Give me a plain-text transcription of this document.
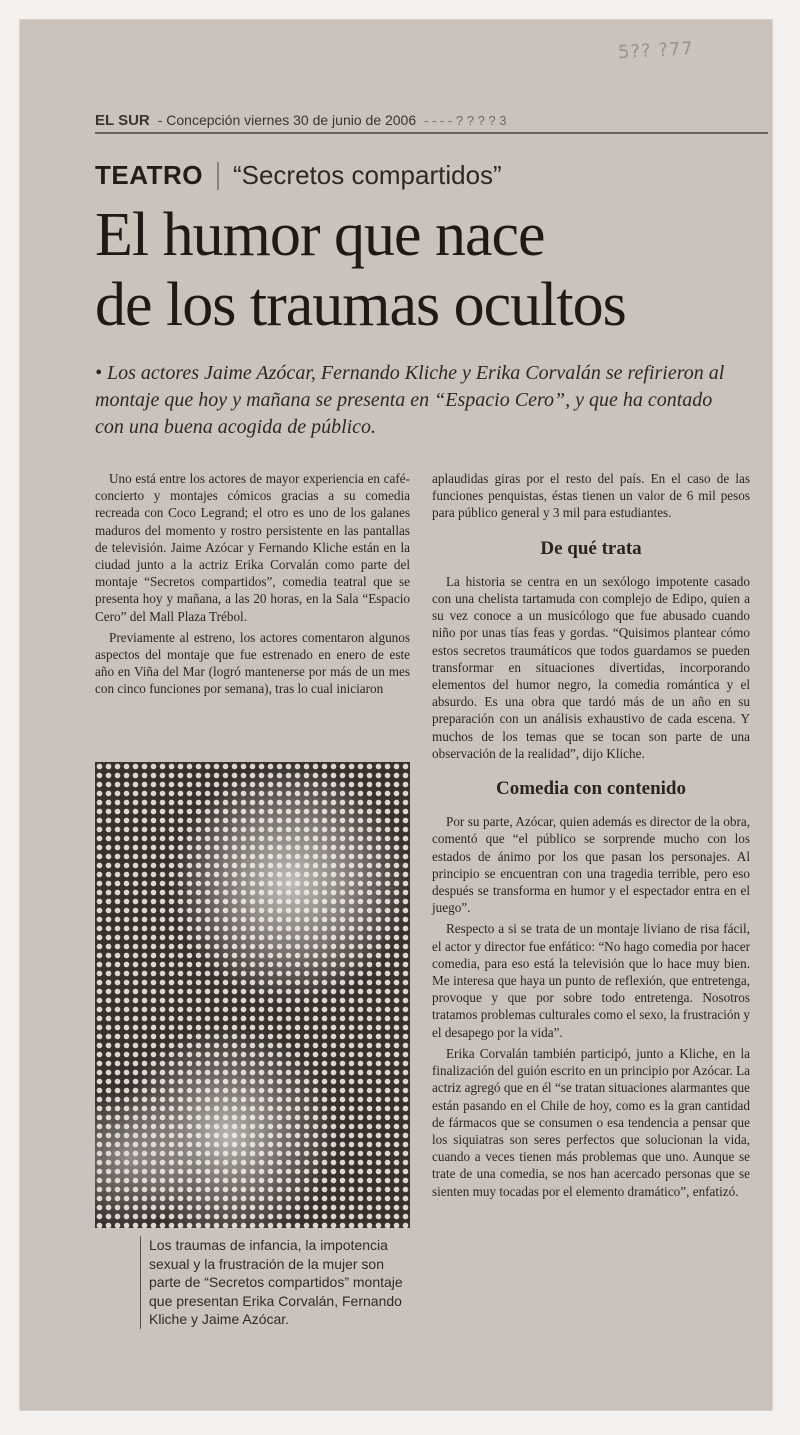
5?? ?77
EL SUR - Concepción viernes 30 de junio de 2006 - - - - ? ? ? ? 3
TEATRO “Secretos compartidos”
El humor que nace
de los traumas ocultos
• Los actores Jaime Azócar, Fernando Kliche y Erika Corvalán se refirieron al montaje que hoy y mañana se presenta en “Espacio Cero”, y que ha contado con una buena acogida de público.

Uno está entre los actores de mayor experiencia en café-concierto y montajes cómicos gracias a su comedia recreada con Coco Legrand; el otro es uno de los galanes maduros del momento y rostro persistente en las pantallas de televisión. Jaime Azócar y Fernando Kliche están en la ciudad junto a la actriz Erika Corvalán como parte del montaje “Secretos compartidos”, comedia teatral que se presenta hoy y mañana, a las 20 horas, en la Sala “Espacio Cero” del Mall Plaza Trébol.

Previamente al estreno, los actores comentaron algunos aspectos del montaje que fue estrenado en enero de este año en Viña del Mar (logró mantenerse por más de un mes con cinco funciones por semana), tras lo cual iniciaron

Los traumas de infancia, la impotencia sexual y la frustración de la mujer son parte de “Secretos compartidos” montaje que presentan Erika Corvalán, Fernando Kliche y Jaime Azócar.

aplaudidas giras por el resto del país. En el caso de las funciones penquistas, éstas tienen un valor de 6 mil pesos para público general y 3 mil para estudiantes.

De qué trata

La historia se centra en un sexólogo impotente casado con una chelista tartamuda con complejo de Edipo, quien a su vez conoce a un musicólogo que fue abusado cuando niño por unas tías feas y gordas. “Quisimos plantear cómo estos secretos traumáticos que todos guardamos se pueden transformar en situaciones divertidas, incorporando elementos del humor negro, la comedia romántica y el absurdo. Es una obra que tardó más de un año en su preparación con un análisis exhaustivo de cada escena. Y muchos de los temas que se tocan son parte de una observación de la realidad”, dijo Kliche.

Comedia con contenido

Por su parte, Azócar, quien además es director de la obra, comentó que “el público se sorprende mucho con los estados de ánimo por los que pasan los personajes. Al principio se encuentran con una tragedia terrible, pero eso después se transforma en humor y el espectador entra en el juego”.

Respecto a si se trata de un montaje liviano de risa fácil, el actor y director fue enfático: “No hago comedia por hacer comedia, para eso está la televisión que lo hace muy bien. Me interesa que haya un punto de reflexión, que entretenga, provoque y que por sobre todo entretenga. Nosotros tratamos problemas culturales como el sexo, la frustración y el desapego por la vida”.

Erika Corvalán también participó, junto a Kliche, en la finalización del guión escrito en un principio por Azócar. La actriz agregó que en él “se tratan situaciones alarmantes que están pasando en el Chile de hoy, como es la gran cantidad de fármacos que se consumen o esa tendencia a pensar que los siquiatras son seres perfectos que solucionan la vida, cuando a veces tienen más problemas que uno. Aunque se trate de una comedia, se nos han acercado personas que se sienten muy tocadas por el elemento dramático”, enfatizó.
